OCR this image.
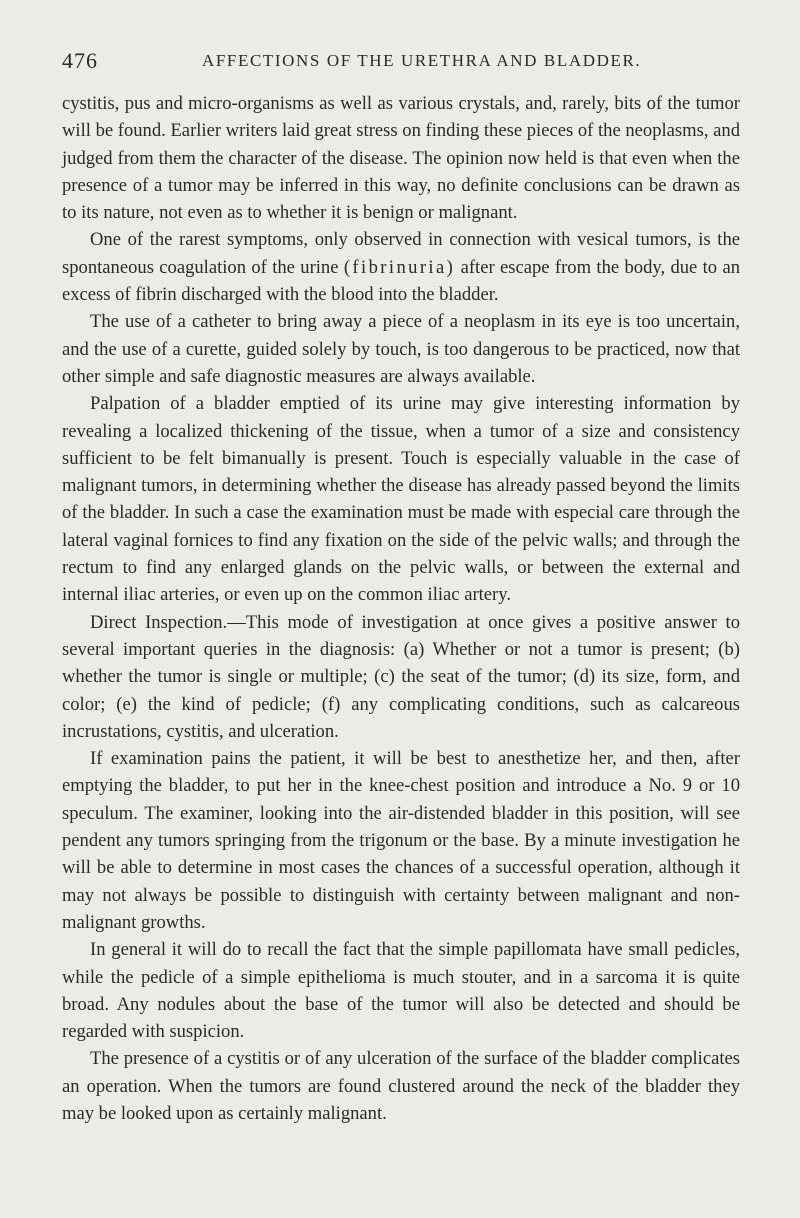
476	AFFECTIONS OF THE URETHRA AND BLADDER.

cystitis, pus and micro-organisms as well as various crystals, and, rarely, bits of the tumor will be found. Earlier writers laid great stress on finding these pieces of the neoplasms, and judged from them the character of the disease. The opinion now held is that even when the presence of a tumor may be inferred in this way, no definite conclusions can be drawn as to its nature, not even as to whether it is benign or malignant.

One of the rarest symptoms, only observed in connection with vesical tumors, is the spontaneous coagulation of the urine (fibrinuria) after escape from the body, due to an excess of fibrin discharged with the blood into the bladder.

The use of a catheter to bring away a piece of a neoplasm in its eye is too uncertain, and the use of a curette, guided solely by touch, is too dangerous to be practiced, now that other simple and safe diagnostic measures are always available.

Palpation of a bladder emptied of its urine may give interesting information by revealing a localized thickening of the tissue, when a tumor of a size and consistency sufficient to be felt bimanually is present. Touch is especially valuable in the case of malignant tumors, in determining whether the disease has already passed beyond the limits of the bladder. In such a case the examination must be made with especial care through the lateral vaginal fornices to find any fixation on the side of the pelvic walls; and through the rectum to find any enlarged glands on the pelvic walls, or between the external and internal iliac arteries, or even up on the common iliac artery.

Direct Inspection.—This mode of investigation at once gives a positive answer to several important queries in the diagnosis: (a) Whether or not a tumor is present; (b) whether the tumor is single or multiple; (c) the seat of the tumor; (d) its size, form, and color; (e) the kind of pedicle; (f) any complicating conditions, such as calcareous incrustations, cystitis, and ulceration.

If examination pains the patient, it will be best to anesthetize her, and then, after emptying the bladder, to put her in the knee-chest position and introduce a No. 9 or 10 speculum. The examiner, looking into the air-distended bladder in this position, will see pendent any tumors springing from the trigonum or the base. By a minute investigation he will be able to determine in most cases the chances of a successful operation, although it may not always be possible to distinguish with certainty between malignant and non-malignant growths.

In general it will do to recall the fact that the simple papillomata have small pedicles, while the pedicle of a simple epithelioma is much stouter, and in a sarcoma it is quite broad. Any nodules about the base of the tumor will also be detected and should be regarded with suspicion.

The presence of a cystitis or of any ulceration of the surface of the bladder complicates an operation. When the tumors are found clustered around the neck of the bladder they may be looked upon as certainly malignant.
